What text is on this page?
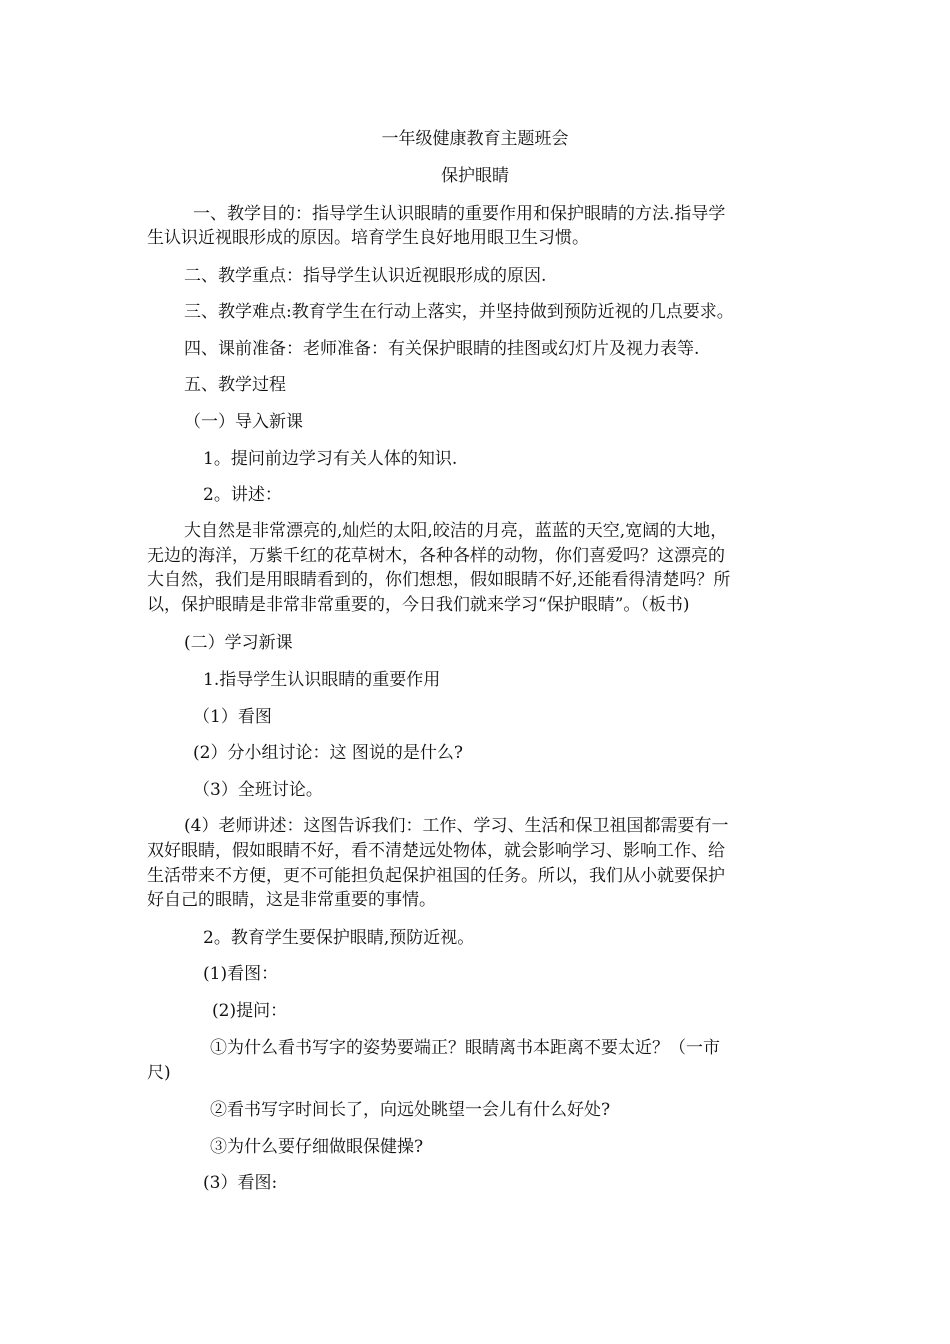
一年级健康教育主题班会
保护眼睛
一、教学目的：指导学生认识眼睛的重要作用和保护眼睛的方法.指导学
生认识近视眼形成的原因。培育学生良好地用眼卫生习惯。
二、教学重点：指导学生认识近视眼形成的原因.
三、教学难点:教育学生在行动上落实，并坚持做到预防近视的几点要求。
四、课前准备：老师准备：有关保护眼睛的挂图或幻灯片及视力表等.
五、教学过程
（一）导入新课
1。提问前边学习有关人体的知识.
2。讲述：
大自然是非常漂亮的,灿烂的太阳,皎洁的月亮，蓝蓝的天空,宽阔的大地，
无边的海洋，万紫千红的花草树木，各种各样的动物，你们喜爱吗？这漂亮的
大自然，我们是用眼睛看到的，你们想想，假如眼睛不好,还能看得清楚吗？所
以，保护眼睛是非常非常重要的，今日我们就来学习“保护眼睛”。（板书)
(二）学习新课
1.指导学生认识眼睛的重要作用
（1）看图
(2）分小组讨论：这 图说的是什么?
（3）全班讨论。
(4）老师讲述：这图告诉我们：工作、学习、生活和保卫祖国都需要有一
双好眼睛，假如眼睛不好，看不清楚远处物体，就会影响学习、影响工作、给
生活带来不方便，更不可能担负起保护祖国的任务。所以，我们从小就要保护
好自己的眼睛，这是非常重要的事情。
2。教育学生要保护眼睛,预防近视。
(1)看图：
(2)提问：
①为什么看书写字的姿势要端正？眼睛离书本距离不要太近？（一市
尺)
②看书写字时间长了，向远处眺望一会儿有什么好处?
③为什么要仔细做眼保健操?
(3）看图:
